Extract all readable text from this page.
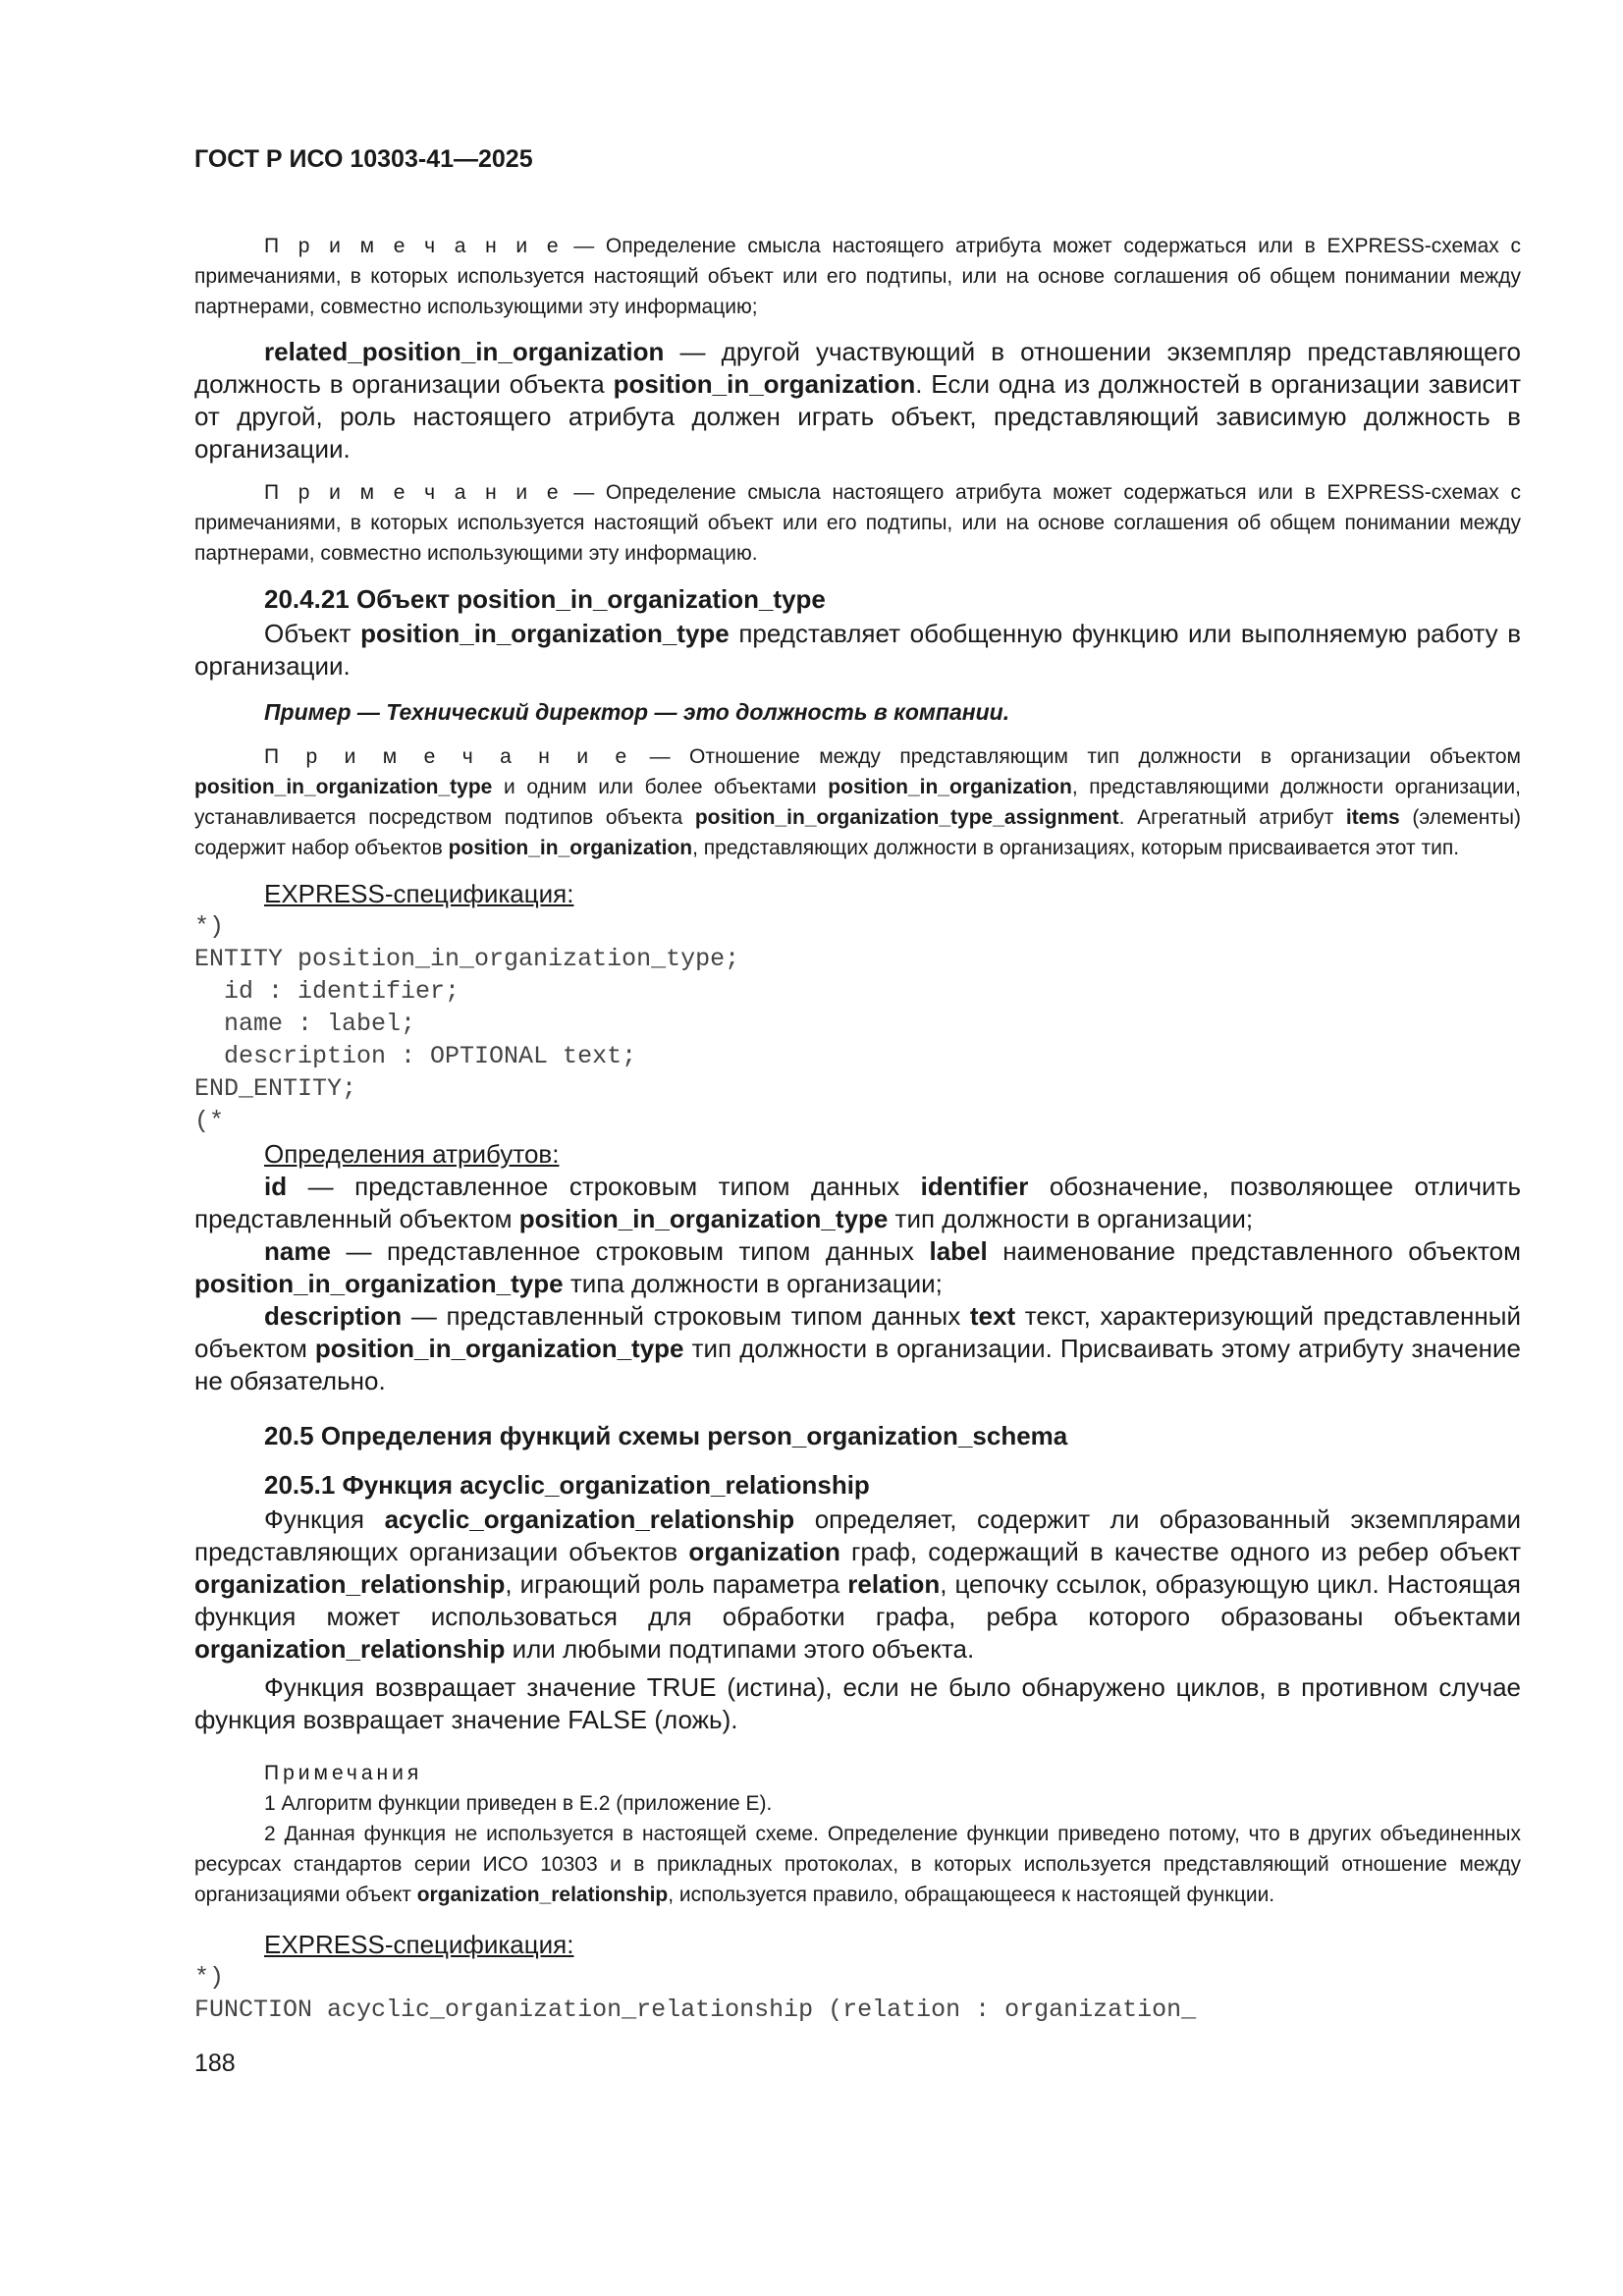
ГОСТ Р ИСО 10303-41—2025

П р и м е ч а н и е — Определение смысла настоящего атрибута может содержаться или в EXPRESS-схемах с примечаниями, в которых используется настоящий объект или его подтипы, или на основе соглашения об общем понимании между партнерами, совместно использующими эту информацию;

related_position_in_organization — другой участвующий в отношении экземпляр представляющего должность в организации объекта position_in_organization. Если одна из должностей в организации зависит от другой, роль настоящего атрибута должен играть объект, представляющий зависимую должность в организации.

П р и м е ч а н и е — Определение смысла настоящего атрибута может содержаться или в EXPRESS-схемах с примечаниями, в которых используется настоящий объект или его подтипы, или на основе соглашения об общем понимании между партнерами, совместно использующими эту информацию.

20.4.21 Объект position_in_organization_type

Объект position_in_organization_type представляет обобщенную функцию или выполняемую работу в организации.

Пример — Технический директор — это должность в компании.

П р и м е ч а н и е — Отношение между представляющим тип должности в организации объектом position_in_organization_type и одним или более объектами position_in_organization, представляющими должности организации, устанавливается посредством подтипов объекта position_in_organization_type_assignment. Агрегатный атрибут items (элементы) содержит набор объектов position_in_organization, представляющих должности в организациях, которым присваивается этот тип.

EXPRESS-спецификация:
*)
ENTITY position_in_organization_type;
id : identifier;
name : label;
description : OPTIONAL text;
END_ENTITY;
(*
Определения атрибутов:

id — представленное строковым типом данных identifier обозначение, позволяющее отличить представленный объектом position_in_organization_type тип должности в организации;

name — представленное строковым типом данных label наименование представленного объектом position_in_organization_type типа должности в организации;

description — представленный строковым типом данных text текст, характеризующий представленный объектом position_in_organization_type тип должности в организации. Присваивать этому атрибуту значение не обязательно.

20.5 Определения функций схемы person_organization_schema
20.5.1 Функция acyclic_organization_relationship

Функция acyclic_organization_relationship определяет, содержит ли образованный экземплярами представляющих организации объектов organization граф, содержащий в качестве одного из ребер объект organization_relationship, играющий роль параметра relation, цепочку ссылок, образующую цикл. Настоящая функция может использоваться для обработки графа, ребра которого образованы объектами organization_relationship или любыми подтипами этого объекта.

Функция возвращает значение TRUE (истина), если не было обнаружено циклов, в противном случае функция возвращает значение FALSE (ложь).

Примечания

1 Алгоритм функции приведен в Е.2 (приложение Е).

2 Данная функция не используется в настоящей схеме. Определение функции приведено потому, что в других объединенных ресурсах стандартов серии ИСО 10303 и в прикладных протоколах, в которых используется представляющий отношение между организациями объект organization_relationship, используется правило, обращающееся к настоящей функции.

EXPRESS-спецификация:
*)
FUNCTION acyclic_organization_relationship (relation : organization_
188
